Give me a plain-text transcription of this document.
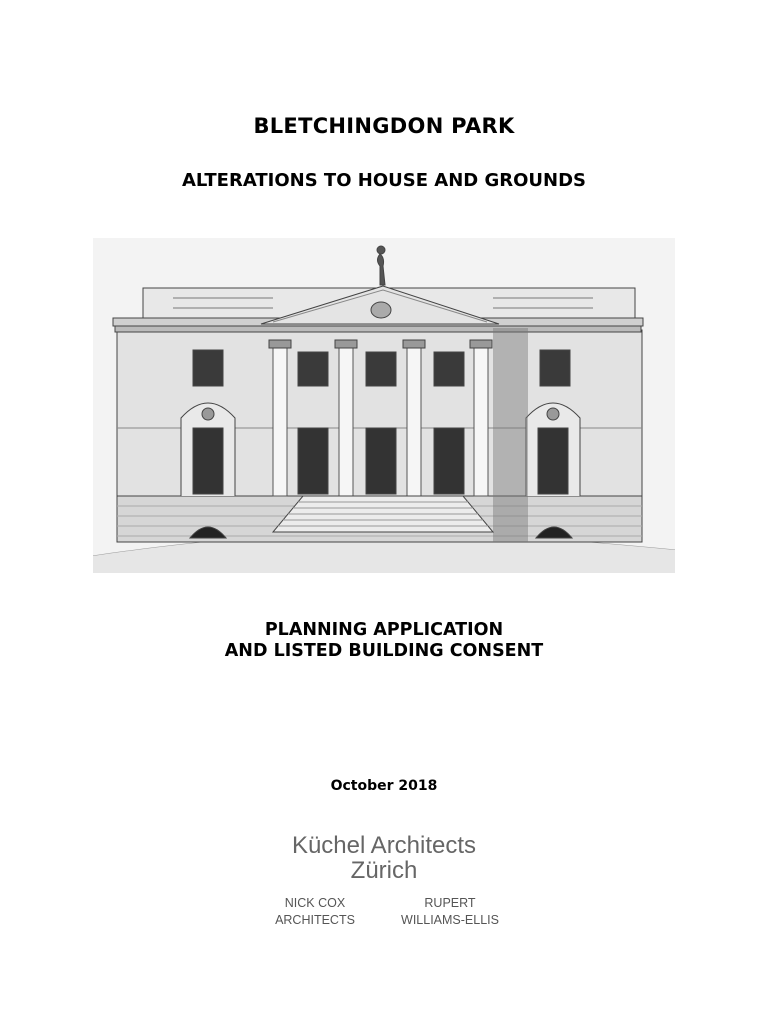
BLETCHINGDON PARK
ALTERATIONS TO HOUSE AND GROUNDS
PLANNING APPLICATION
AND LISTED BUILDING CONSENT
October 2018
Küchel Architects
Zürich
NICK COX
ARCHITECTS
RUPERT
WILLIAMS-ELLIS
